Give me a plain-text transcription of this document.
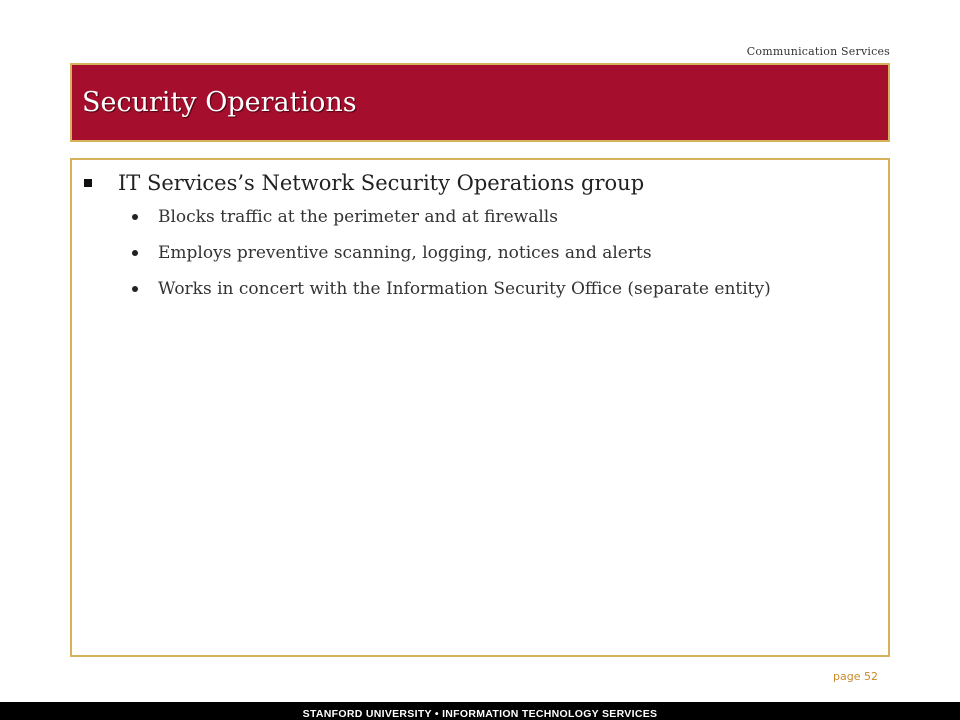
Communication Services
Security Operations
IT Services’s Network Security Operations group
Blocks traffic at the perimeter and at firewalls
Employs preventive scanning, logging, notices and alerts
Works in concert with the Information Security Office (separate entity)
page 52
STANFORD UNIVERSITY • INFORMATION TECHNOLOGY SERVICES
